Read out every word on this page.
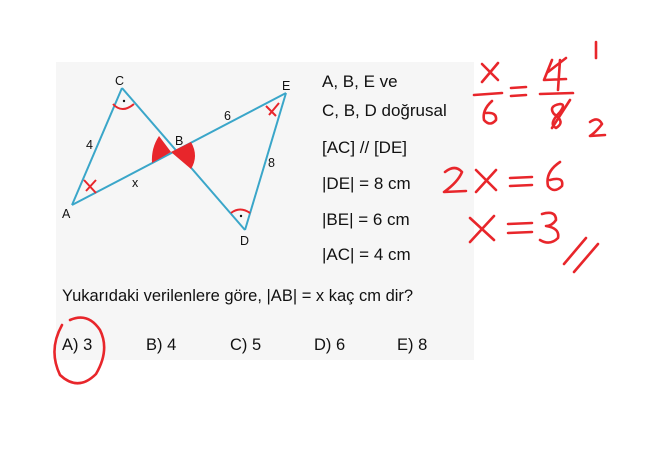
C
A
B
E
D
4
6
8
x
A, B, E ve
C, B, D doğrusal
[AC] // [DE]
|DE| = 8 cm
|BE| = 6 cm
|AC| = 4 cm
Yukarıdaki verilenlere göre, |AB| = x kaç cm dir?
A) 3	B) 4	C) 5	D) 6	E) 8
